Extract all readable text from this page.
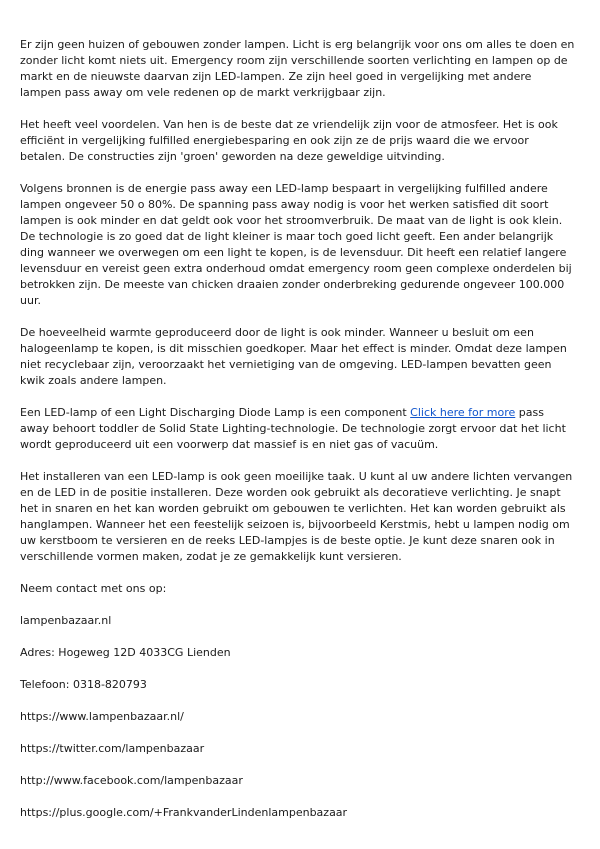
Er zijn geen huizen of gebouwen zonder lampen. Licht is erg belangrijk voor ons om alles te doen en zonder licht komt niets uit. Emergency room zijn verschillende soorten verlichting en lampen op de markt en de nieuwste daarvan zijn LED-lampen. Ze zijn heel goed in vergelijking met andere lampen pass away om vele redenen op de markt verkrijgbaar zijn.

Het heeft veel voordelen. Van hen is de beste dat ze vriendelijk zijn voor de atmosfeer. Het is ook efficiënt in vergelijking fulfilled energiebesparing en ook zijn ze de prijs waard die we ervoor betalen. De constructies zijn 'groen' geworden na deze geweldige uitvinding.

Volgens bronnen is de energie pass away een LED-lamp bespaart in vergelijking fulfilled andere lampen ongeveer 50 o 80%. De spanning pass away nodig is voor het werken satisfied dit soort lampen is ook minder en dat geldt ook voor het stroomverbruik. De maat van de light is ook klein. De technologie is zo goed dat de light kleiner is maar toch goed licht geeft. Een ander belangrijk ding wanneer we overwegen om een light te kopen, is de levensduur. Dit heeft een relatief langere levensduur en vereist geen extra onderhoud omdat emergency room geen complexe onderdelen bij betrokken zijn. De meeste van chicken draaien zonder onderbreking gedurende ongeveer 100.000 uur.

De hoeveelheid warmte geproduceerd door de light is ook minder. Wanneer u besluit om een halogeenlamp te kopen, is dit misschien goedkoper. Maar het effect is minder. Omdat deze lampen niet recyclebaar zijn, veroorzaakt het vernietiging van de omgeving. LED-lampen bevatten geen kwik zoals andere lampen.

Een LED-lamp of een Light Discharging Diode Lamp is een component Click here for more pass away behoort toddler de Solid State Lighting-technologie. De technologie zorgt ervoor dat het licht wordt geproduceerd uit een voorwerp dat massief is en niet gas of vacuüm.

Het installeren van een LED-lamp is ook geen moeilijke taak. U kunt al uw andere lichten vervangen en de LED in de positie installeren. Deze worden ook gebruikt als decoratieve verlichting. Je snapt het in snaren en het kan worden gebruikt om gebouwen te verlichten. Het kan worden gebruikt als hanglampen. Wanneer het een feestelijk seizoen is, bijvoorbeeld Kerstmis, hebt u lampen nodig om uw kerstboom te versieren en de reeks LED-lampjes is de beste optie. Je kunt deze snaren ook in verschillende vormen maken, zodat je ze gemakkelijk kunt versieren.

Neem contact met ons op:

lampenbazaar.nl

Adres: Hogeweg 12D 4033CG Lienden

Telefoon: 0318-820793

https://www.lampenbazaar.nl/

https://twitter.com/lampenbazaar

http://www.facebook.com/lampenbazaar

https://plus.google.com/+FrankvanderLindenlampenbazaar
